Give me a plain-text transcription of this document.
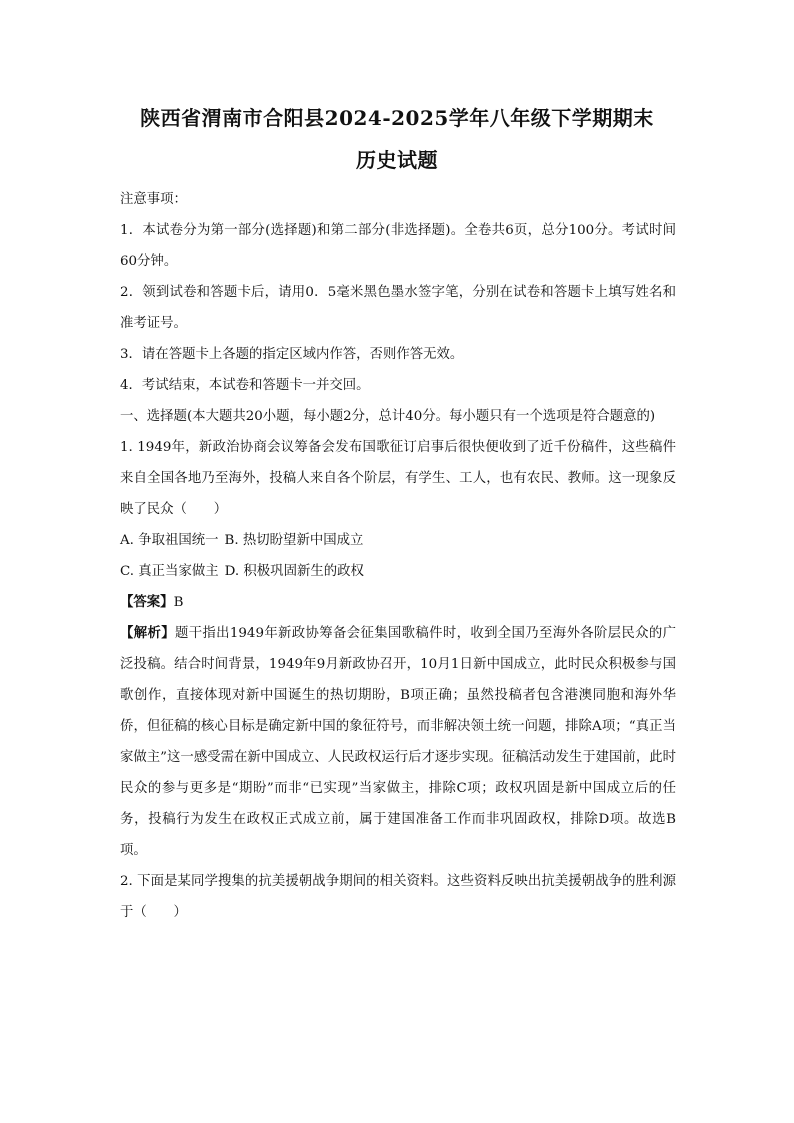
陕西省渭南市合阳县2024-2025学年八年级下学期期末
历史试题

注意事项：

1．本试卷分为第一部分(选择题)和第二部分(非选择题)。全卷共6页，总分100分。考试时间60分钟。

2．领到试卷和答题卡后，请用0．5毫米黑色墨水签字笔，分别在试卷和答题卡上填写姓名和准考证号。

3．请在答题卡上各题的指定区域内作答，否则作答无效。

4．考试结束，本试卷和答题卡一并交回。

一、选择题(本大题共20小题，每小题2分，总计40分。每小题只有一个选项是符合题意的)

1. 1949年，新政治协商会议筹备会发布国歌征订启事后很快便收到了近千份稿件，这些稿件来自全国各地乃至海外，投稿人来自各个阶层，有学生、工人，也有农民、教师。这一现象反映了民众（　　）

A. 争取祖国统一 B. 热切盼望新中国成立

C. 真正当家做主 D. 积极巩固新生的政权

【答案】B

【解析】题干指出1949年新政协筹备会征集国歌稿件时，收到全国乃至海外各阶层民众的广泛投稿。结合时间背景，1949年9月新政协召开，10月1日新中国成立，此时民众积极参与国歌创作，直接体现对新中国诞生的热切期盼，B项正确；虽然投稿者包含港澳同胞和海外华侨，但征稿的核心目标是确定新中国的象征符号，而非解决领土统一问题，排除A项；“真正当家做主”这一感受需在新中国成立、人民政权运行后才逐步实现。征稿活动发生于建国前，此时民众的参与更多是“期盼”而非“已实现”当家做主，排除C项；政权巩固是新中国成立后的任务，投稿行为发生在政权正式成立前，属于建国准备工作而非巩固政权，排除D项。故选B项。

2. 下面是某同学搜集的抗美援朝战争期间的相关资料。这些资料反映出抗美援朝战争的胜利源于（　　）
